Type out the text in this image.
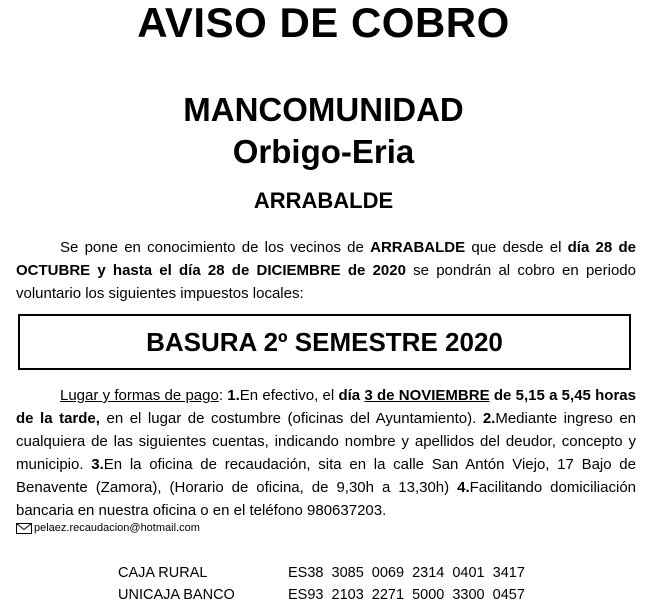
AVISO DE COBRO
MANCOMUNIDAD
Orbigo-Eria
ARRABALDE
Se pone en conocimiento de los vecinos de ARRABALDE que desde el día 28 de OCTUBRE y hasta el día 28 de DICIEMBRE de 2020 se pondrán al cobro en periodo voluntario los siguientes impuestos locales:
BASURA 2º SEMESTRE 2020
Lugar y formas de pago: 1.En efectivo, el día 3 de NOVIEMBRE de 5,15 a 5,45 horas de la tarde, en el lugar de costumbre (oficinas del Ayuntamiento). 2.Mediante ingreso en cualquiera de las siguientes cuentas, indicando nombre y apellidos del deudor, concepto y municipio. 3.En la oficina de recaudación, sita en la calle San Antón Viejo, 17 Bajo de Benavente (Zamora), (Horario de oficina, de 9,30h a 13,30h) 4.Facilitando domiciliación bancaria en nuestra oficina o en el teléfono 980637203.
pelaez.recaudacion@hotmail.com
CAJA RURAL	ES38 3085 0069 2314 0401 3417
UNICAJA BANCO	ES93 2103 2271 5000 3300 0457
